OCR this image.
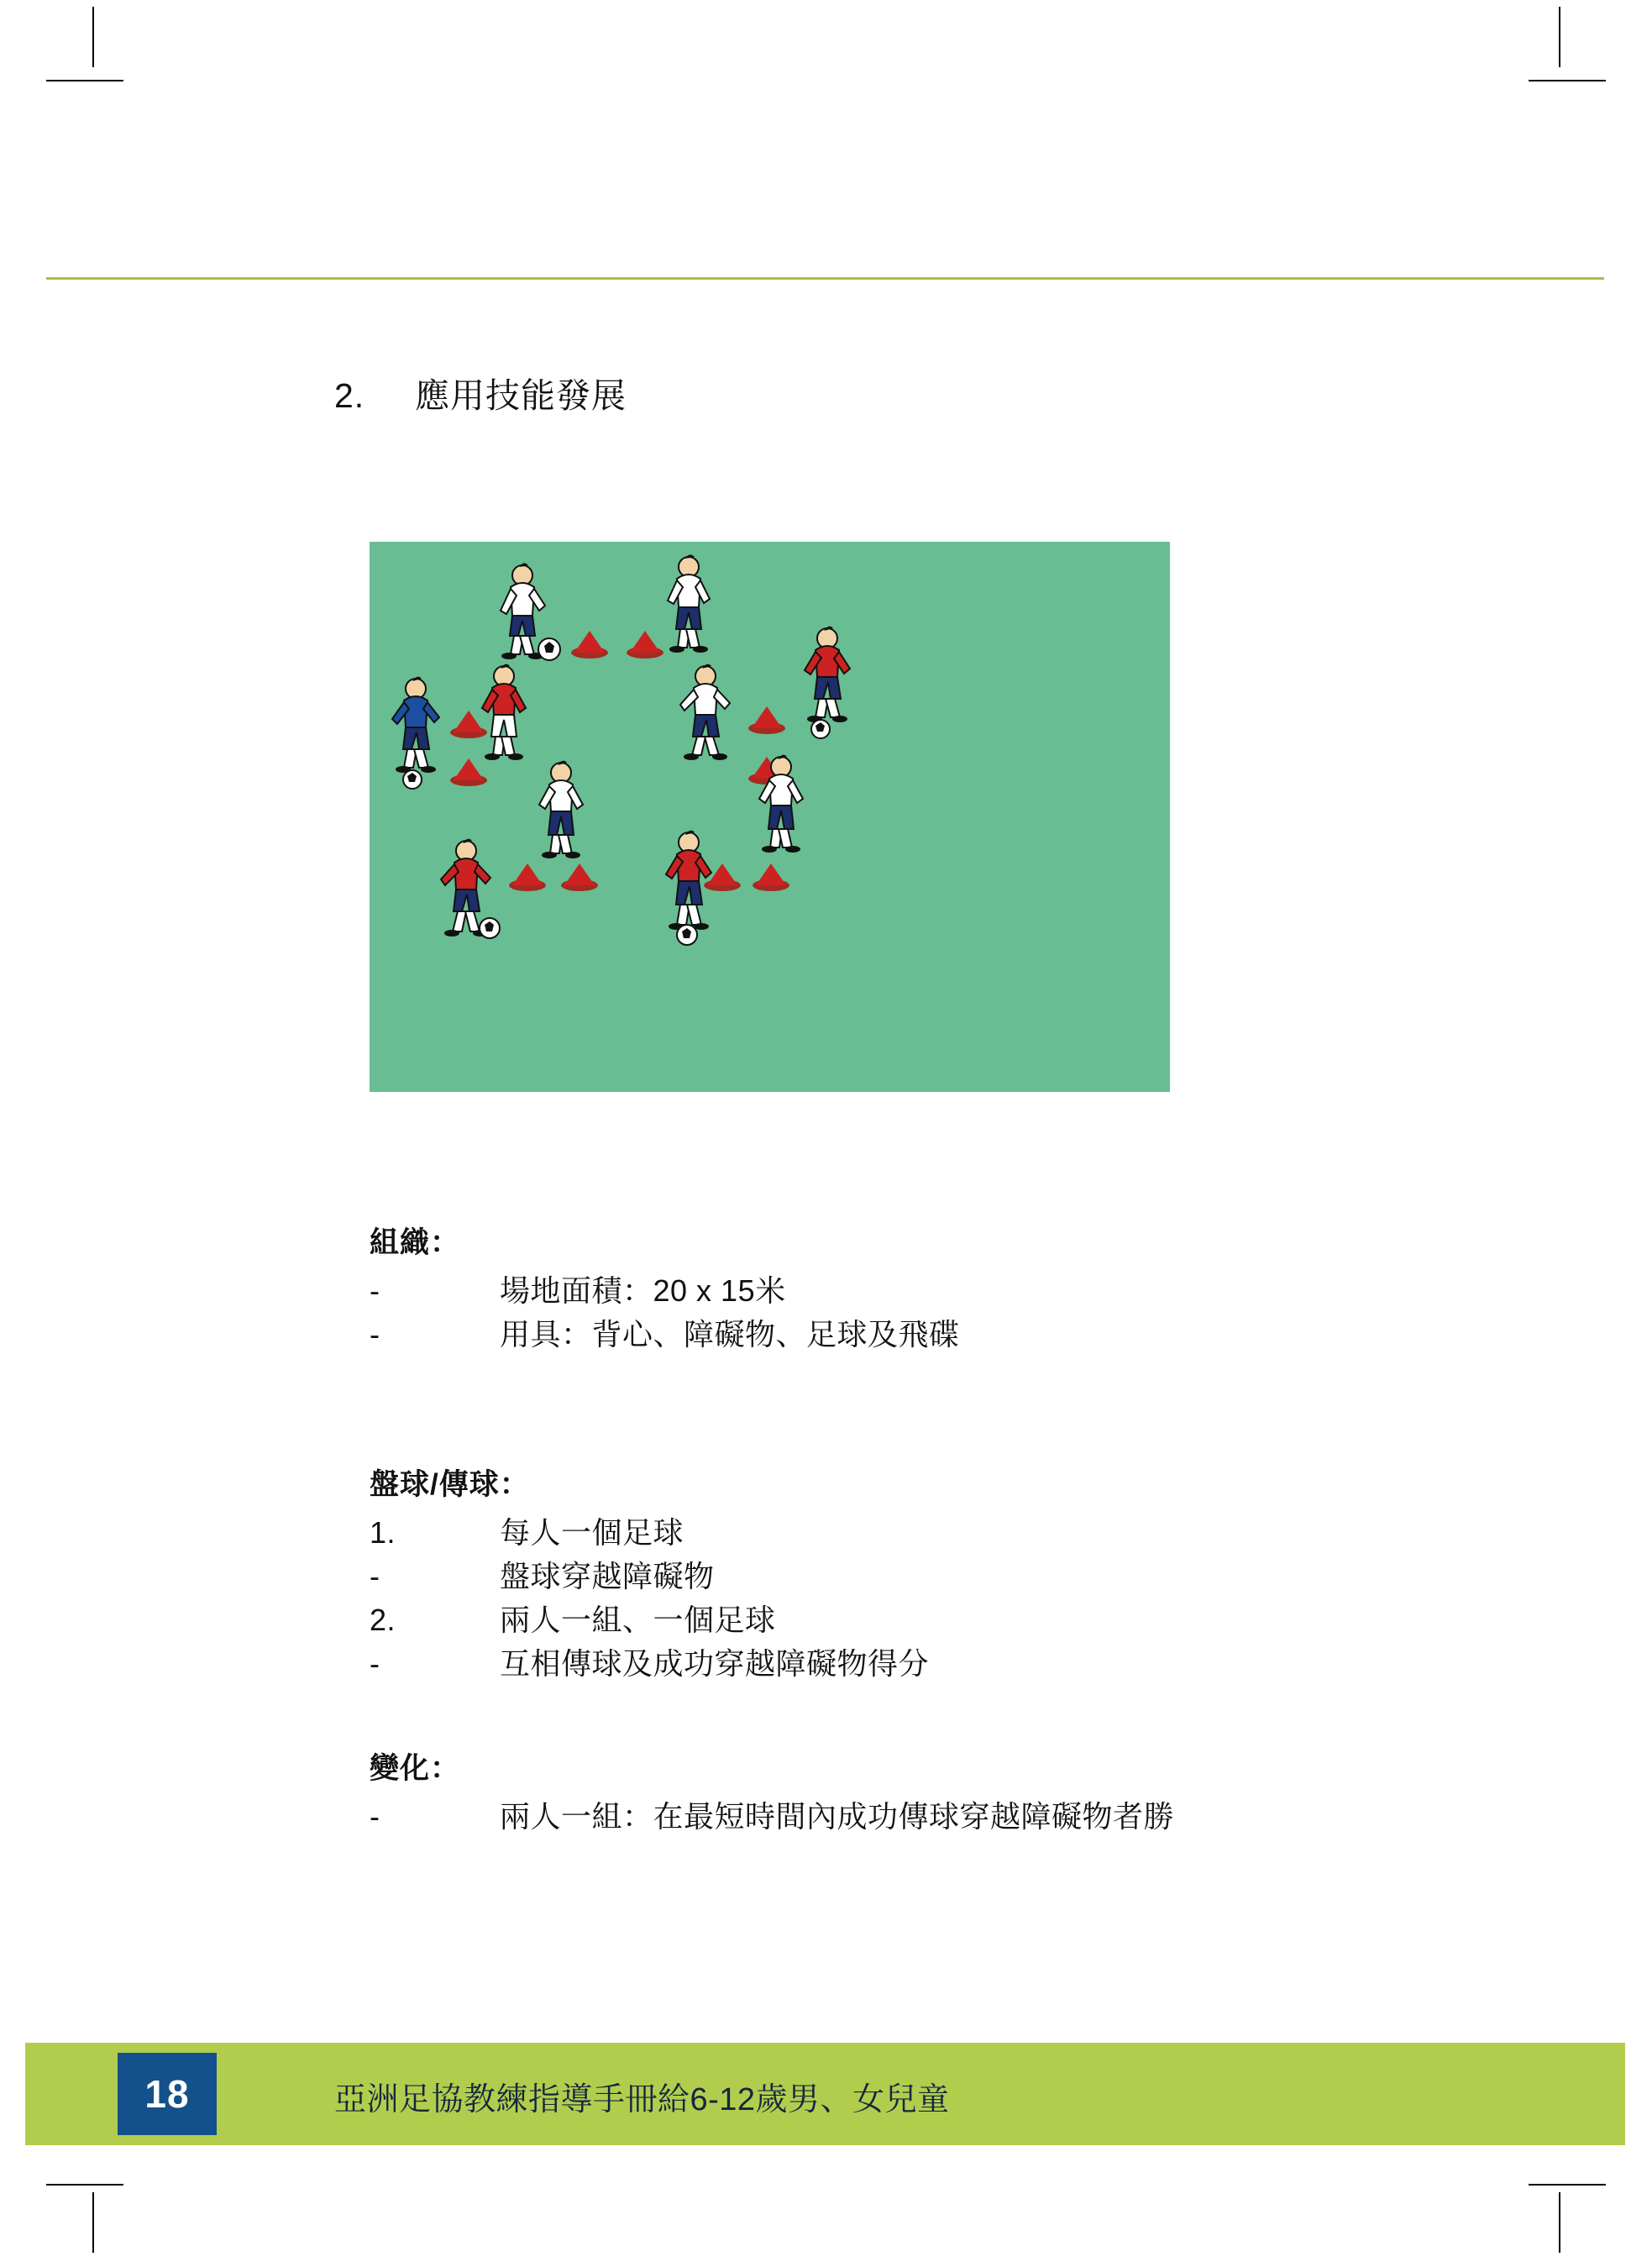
2.	應用技能發展
組織：
-	場地面積：20 x 15米
-	用具：背心、障礙物、足球及飛碟
盤球/傳球：
1.	每人一個足球
-	盤球穿越障礙物
2.	兩人一組、一個足球
-	互相傳球及成功穿越障礙物得分
變化：
-	兩人一組：在最短時間內成功傳球穿越障礙物者勝
18	亞洲足協教練指導手冊給6-12歲男、女兒童
